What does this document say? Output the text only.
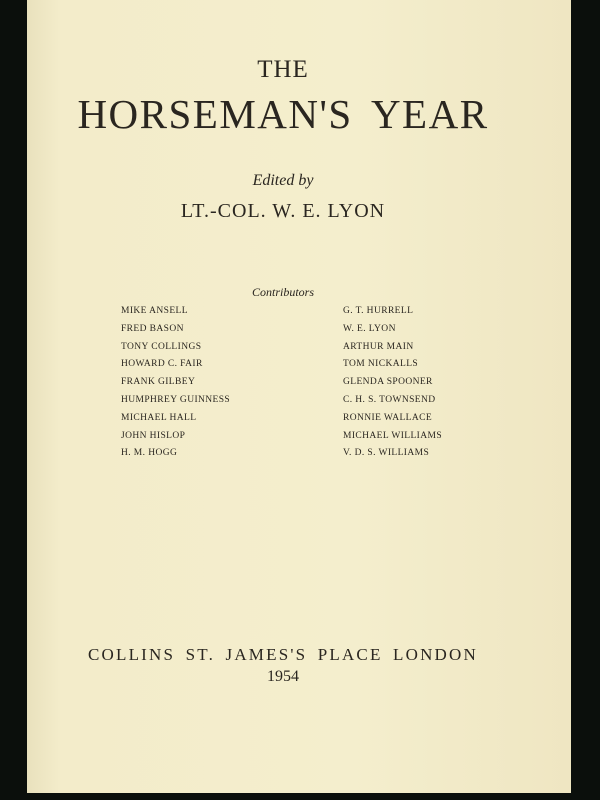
THE
HORSEMAN'S YEAR
Edited by
LT.-COL. W. E. LYON
Contributors
MIKE ANSELL
FRED BASON
TONY COLLINGS
HOWARD C. FAIR
FRANK GILBEY
HUMPHREY GUINNESS
MICHAEL HALL
JOHN HISLOP
H. M. HOGG
G. T. HURRELL
W. E. LYON
ARTHUR MAIN
TOM NICKALLS
GLENDA SPOONER
C. H. S. TOWNSEND
RONNIE WALLACE
MICHAEL WILLIAMS
V. D. S. WILLIAMS
COLLINS ST. JAMES'S PLACE LONDON
1954
